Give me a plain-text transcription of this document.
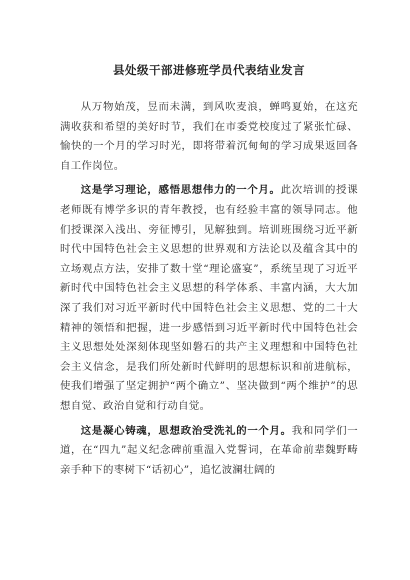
县处级干部进修班学员代表结业发言

从万物始茂，昱而未满，到风吹麦浪，蝉鸣夏始，在这充满收获和希望的美好时节，我们在市委党校度过了紧张忙碌、愉快的一个月的学习时光，即将带着沉甸甸的学习成果返回各自工作岗位。

这是学习理论，感悟思想伟力的一个月。此次培训的授课老师既有博学多识的青年教授，也有经验丰富的领导同志。他们授课深入浅出、旁征博引，见解独到。培训班围绕习近平新时代中国特色社会主义思想的世界观和方法论以及蕴含其中的立场观点方法，安排了数十堂“理论盛宴”，系统呈现了习近平新时代中国特色社会主义思想的科学体系、丰富内涵，大大加深了我们对习近平新时代中国特色社会主义思想、党的二十大精神的领悟和把握，进一步感悟到习近平新时代中国特色社会主义思想处处深刻体现坚如磐石的共产主义理想和中国特色社会主义信念，是我们所处新时代鲜明的思想标识和前进航标，使我们增强了坚定拥护“两个确立”、坚决做到“两个维护”的思想自觉、政治自觉和行动自觉。

这是凝心铸魂，思想政治受洗礼的一个月。我和同学们一道，在“四九”起义纪念碑前重温入党誓词，在革命前辈魏野畴亲手种下的枣树下“话初心”，追忆波澜壮阔的
